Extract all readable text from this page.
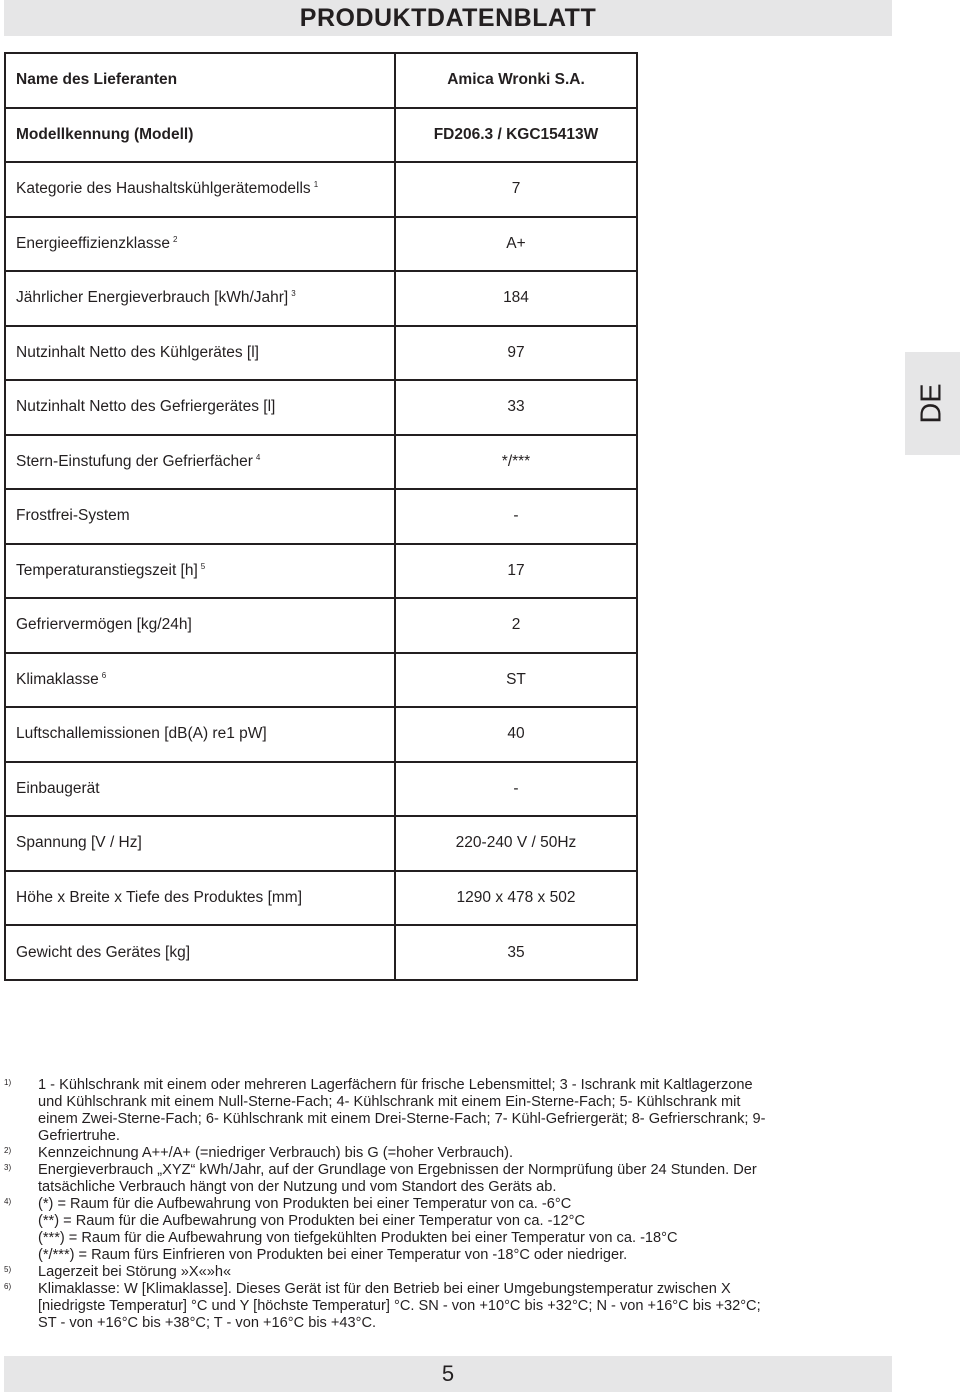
PRODUKTDATENBLATT
Name des Lieferanten	Amica Wronki S.A.
Modellkennung (Modell)	FD206.3 / KGC15413W
Kategorie des Haushaltskühlgerätemodells $^1$	7
Energieeffizienzklasse $^2$	A+
Jährlicher Energieverbrauch [kWh/Jahr] $^3$	184
Nutzinhalt Netto des Kühlgerätes [l]	97
Nutzinhalt Netto des Gefriergerätes [l]	33
Stern-Einstufung der Gefrierfächer $^4$	*/***
Frostfrei-System	-
Temperaturanstiegszeit [h] $^5$	17
Gefriervermögen [kg/24h]	2
Klimaklasse $^6$	ST
Luftschallemissionen [dB(A) re1 pW]	40
Einbaugerät	-
Spannung [V / Hz]	220-240 V / 50Hz
Höhe x Breite x Tiefe des Produktes [mm]	1290 x 478 x 502
Gewicht des Gerätes [kg]	35
DE
1)	1 - Kühlschrank mit einem oder mehreren Lagerfächern für frische Lebensmittel; 3 - Ischrank mit Kaltlagerzone
und Kühlschrank mit einem Null-Sterne-Fach; 4- Kühlschrank mit einem Ein-Sterne-Fach; 5- Kühlschrank mit
einem Zwei-Sterne-Fach; 6- Kühlschrank mit einem Drei-Sterne-Fach; 7- Kühl-Gefriergerät; 8- Gefrierschrank; 9-
Gefriertruhe.
2)	Kennzeichnung A++/A+ (=niedriger Verbrauch) bis G (=hoher Verbrauch).
3)	Energieverbrauch „XYZ“ kWh/Jahr, auf der Grundlage von Ergebnissen der Normprüfung über 24 Stunden. Der
tatsächliche Verbrauch hängt von der Nutzung und vom Standort des Geräts ab.
4)	(*) = Raum für die Aufbewahrung von Produkten bei einer Temperatur von ca. -6°C
(**) = Raum für die Aufbewahrung von Produkten bei einer Temperatur von ca. -12°C
(***) = Raum für die Aufbewahrung von tiefgekühlten Produkten bei einer Temperatur von ca. -18°C
(*/***) = Raum fürs Einfrieren von Produkten bei einer Temperatur von -18°C oder niedriger.
5)	Lagerzeit bei Störung »X«»h«
6)	Klimaklasse: W [Klimaklasse]. Dieses Gerät ist für den Betrieb bei einer Umgebungstemperatur zwischen X
[niedrigste Temperatur] °C und Y [höchste Temperatur] °C. SN - von +10°C bis +32°C; N - von +16°C bis +32°C;
ST - von +16°C bis +38°C; T - von +16°C bis +43°C.
5
